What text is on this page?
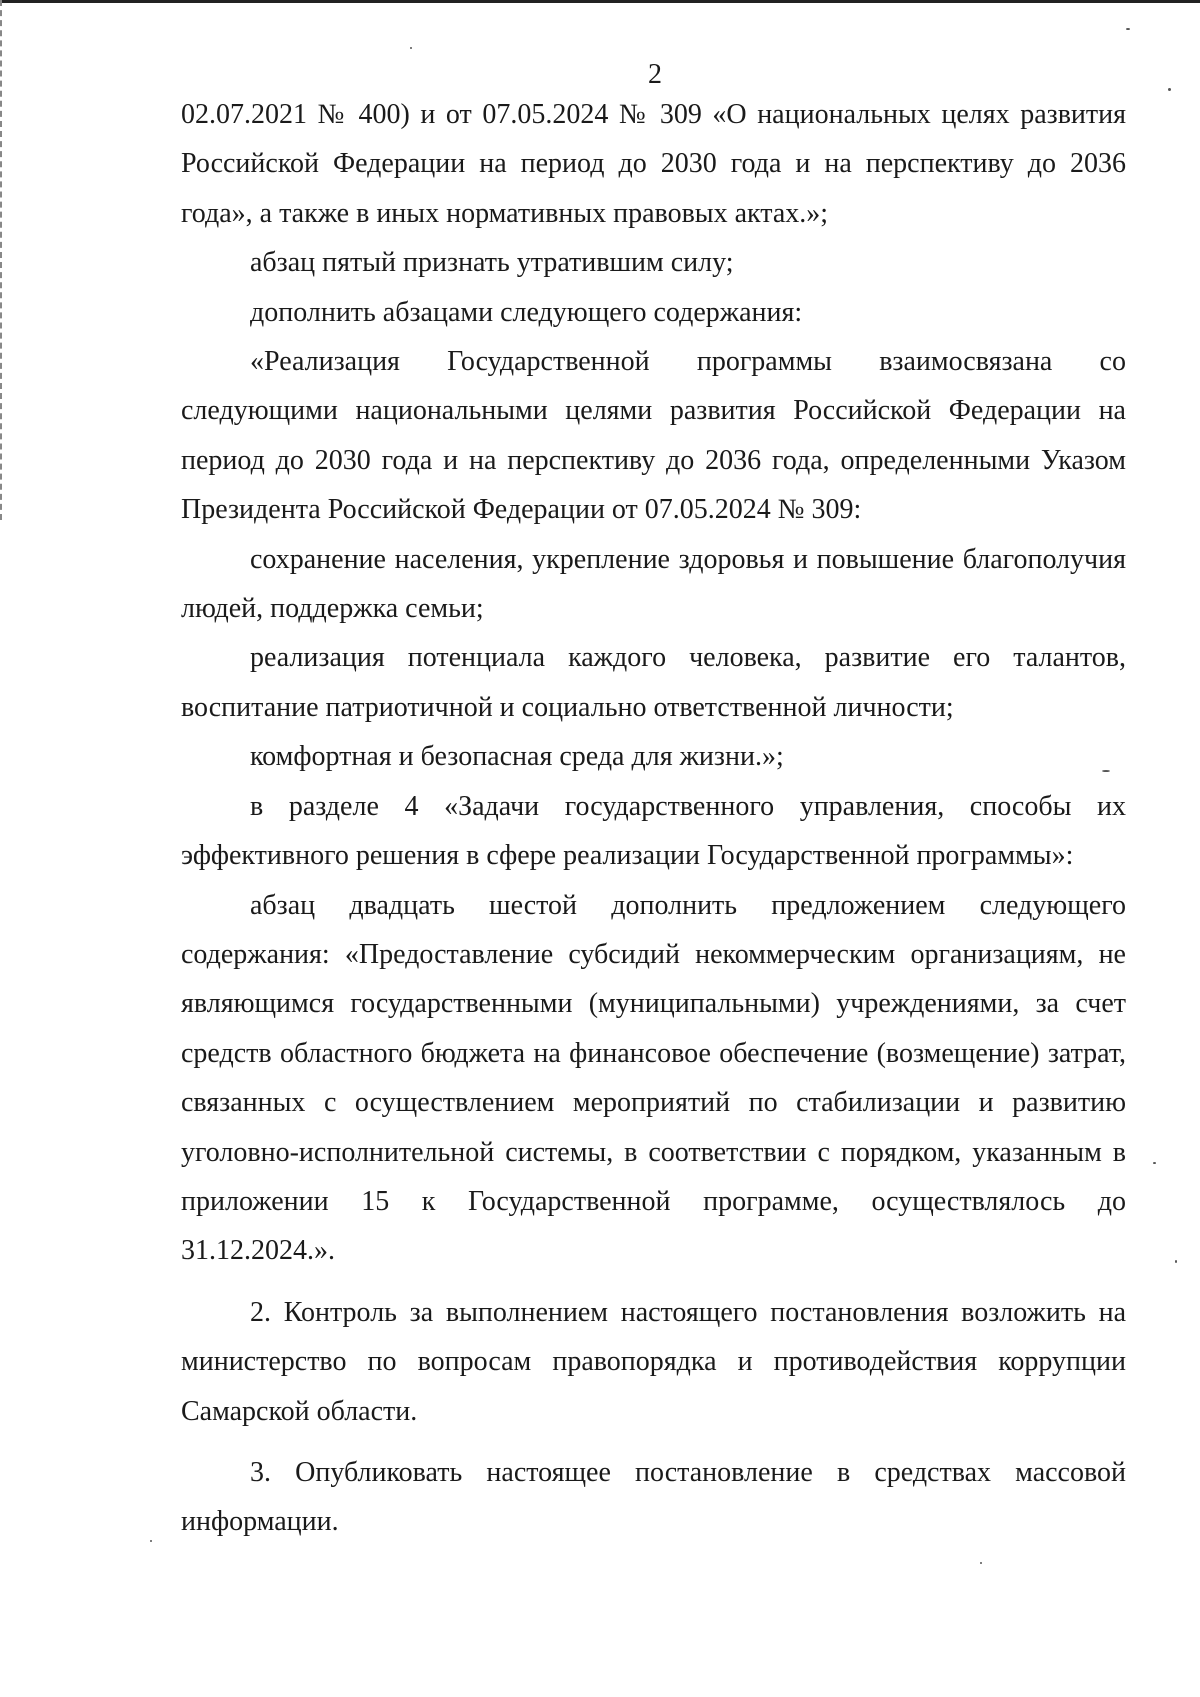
2

02.07.2021 № 400) и от 07.05.2024 № 309 «О национальных целях развития Российской Федерации на период до 2030 года и на перспективу до 2036 года», а также в иных нормативных правовых актах.»;

абзац пятый признать утратившим силу;

дополнить абзацами следующего содержания:

«Реализация Государственной программы взаимосвязана со следующими национальными целями развития Российской Федерации на период до 2030 года и на перспективу до 2036 года, определенными Указом Президента Российской Федерации от 07.05.2024 № 309:

сохранение населения, укрепление здоровья и повышение благополучия людей, поддержка семьи;

реализация потенциала каждого человека, развитие его талантов, воспитание патриотичной и социально ответственной личности;

комфортная и безопасная среда для жизни.»;

в разделе 4 «Задачи государственного управления, способы их эффективного решения в сфере реализации Государственной программы»:

абзац двадцать шестой дополнить предложением следующего содержания: «Предоставление субсидий некоммерческим организациям, не являющимся государственными (муниципальными) учреждениями, за счет средств областного бюджета на финансовое обеспечение (возмещение) затрат, связанных с осуществлением мероприятий по стабилизации и развитию уголовно-исполнительной системы, в соответствии с порядком, указанным в приложении 15 к Государственной программе, осуществлялось до 31.12.2024.».

2. Контроль за выполнением настоящего постановления возложить на министерство по вопросам правопорядка и противодействия коррупции Самарской области.

3. Опубликовать настоящее постановление в средствах массовой информации.
